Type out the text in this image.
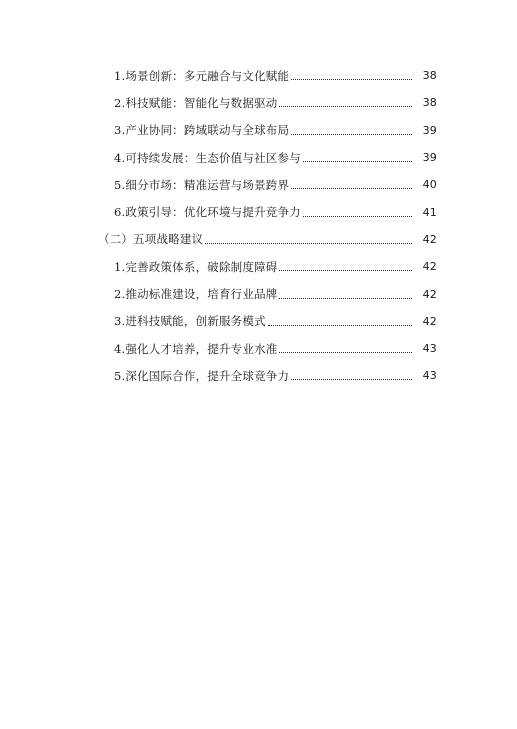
1.场景创新：多元融合与文化赋能	38
2.科技赋能：智能化与数据驱动	38
3.产业协同：跨域联动与全球布局	39
4.可持续发展：生态价值与社区参与	39
5.细分市场：精准运营与场景跨界	40
6.政策引导：优化环境与提升竞争力	41
（二）五项战略建议	42
1.完善政策体系，破除制度障碍	42
2.推动标准建设，培育行业品牌	42
3.进科技赋能，创新服务模式	42
4.强化人才培养，提升专业水准	43
5.深化国际合作，提升全球竞争力	43
